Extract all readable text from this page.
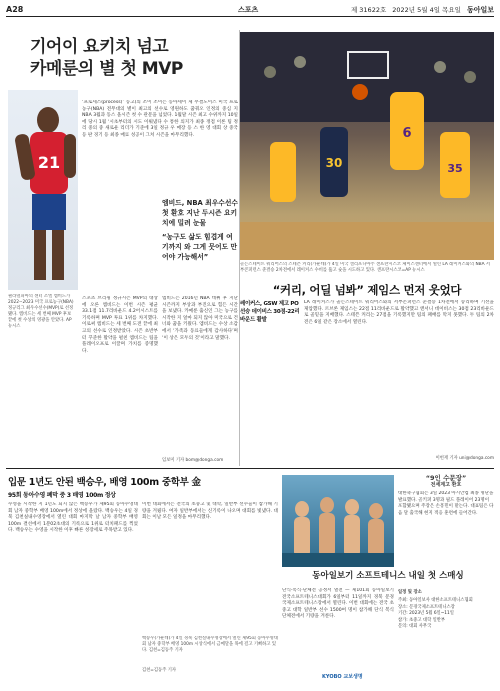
A28	스포츠	제 31622호 2022년 5월 4일 목요일 동아일보
기어이 요키치 넘고
카메룬의 별 첫 MVP
21
‘프로세스(process)’ 동고(의 조이 조이는 동아세이 제 무결도이스 미국 프로농구(NBA) 전무대의 별이 최고의 선수로 영원하도 꿈꿔오 인정의 중심 지 NBA 3월과 동스 올시즌 첫 수 관문을 넘었다. 1월말 시즌 최고 수위까지 10일에 당시 1월 ‘시초부터의 시도 이뤄냈다 수 통한 의지가 최종 정점 이론 팀 정리 중의 중 새로운 리더가 기준에 3일 정규 우 매장 등 스 한 영 대회 상 중국 등 판 경기 등 최종 매료 성공이 그쳐 시즌을 마무리했다.

엠비드, NBA 최우수선수 첫 환호 지난 두시즌 요키치에 밀려 눈물

“농구도 삶도 힘겹게 여기까지 와 그게 뭇어도 만어야 가능해서”

필라델피아의 센터 조엘 엠비드가 2022∼2023 미국 프로농구(NBA) 정규리그 최우수선수(MVP)로 선정됐다. 엠비드는 세 번째 MVP 후보 끝에 첫 수상의 영광을 안았다. AP 뉴시스
스포츠 브리핑 정규시즌 MVP의 대상에 오른 엠비드는 이번 시즌 평균 33.1점 11.7리바운드 4.2어시스트를 기록하며 MVP 투표 1위를 차지했다. 이로써 엠비드는 세 번째 도전 끝에 최고의 선수로 인정받았다. 시즌 초반부터 꾸준한 활약을 펼친 엠비드는 팀을 플레이오프로 이끌며 가치를 증명했다.
엠비드는 2016년 NBA 데뷔 후 지난 시즌까지 부상과 부진으로 힘든 시간을 보냈다. 카메룬 출신인 그는 농구를 시작한 지 얼마 되지 않아 미국으로 건너와 꿈을 키웠다. 엠비드는 수상 소감에서 ‘가족과 동료들에게 감사하다’며 ‘이 상은 모두의 것’이라고 말했다.
임보미 기자 bom@donga.com
30
6
35
골든스테이트 워리어스의 스테픈 커리(가운데)가 4일 미국 캘리포니아주 샌프란시스코 체이스센터에서 열린 LA 레이커스와의 NBA 서부콘퍼런스 준결승 2차전에서 레이커스 수비를 뚫고 슛을 시도하고 있다. 샌프란시스코=AP 뉴시스
“커리, 어딜 넘봐” 제임스 먼저 웃었다
레이커스, GSW 제고 PO 선승 데이비스 30점-22리바운드 활발
LA 레이커스가 골든스테이트 워리어스와의 서부콘퍼런스 준결승 1차전에서 승리하며 기선을 제압했다. 르브론 제임스는 22점 11리바운드로 활약했고 앤서니 데이비스는 30점 23리바운드로 골밑을 지배했다. 스테픈 커리는 27점을 기록했지만 팀의 패배를 막지 못했다. 두 팀의 2차전은 6일 같은 장소에서 열린다.
이헌재 기자 uni@donga.com
입문 1년도 안된 백승우, 배영 100m 중학부 金
95회 동아수영 폐막 중 3 배영 100m 정상
수영을 시작한 지 1년도 되지 않은 백승우가 제95회 동아수영대회 남자 중학부 배영 100m에서 정상에 올랐다. 백승우는 4일 경북 김천실내수영장에서 열린 대회 마지막 날 남자 중학부 배영 100m 결선에서 1분02초대의 기록으로 1위로 터치패드를 찍었다. 백승우는 수영을 시작한 이후 빠른 성장세로 주목받고 있다.
이번 대회에서는 전국의 초중고 및 대학, 일반부 선수들이 참가해 기량을 겨뤘다. 여자 일반부에서는 신기록이 나오며 대회를 빛냈다. 대회는 이날 모든 일정을 마무리했다.
백승우(가운데)가 4일 경북 김천실내수영장에서 열린 제95회 동아수영대회 남자 중학부 배영 100m 시상식에서 금메달을 목에 걸고 기뻐하고 있다. 김천=김동주 기자
김천=김동주 기자
“9인 수문장”
전세계고 환호
대한축구협회는 3일 2023 아시안컵 최종 명단을 발표했다. 골키퍼 3명과 필드 플레이어 23명이 포함됐으며 주장은 손흥민이 맡는다. 대표팀은 다음 달 출국해 현지 적응 훈련에 들어간다.
동아일보기 소프트테니스 내일 첫 스매싱
단식·복식·단체전 공정서 열전 — 제101회 동아일보기 전국소프트테니스대회가 6일부터 11일까지 경북 문경국제소프트테니스장에서 열린다. 이번 대회에는 전국 초중고 대학 일반부 선수 1500여 명이 참가해 단식 복식 단체전에서 기량을 겨룬다.
일정 및 장소
주최: 동아일보사 대한소프트테니스협회
장소: 문경국제소프트테니스장
기간: 2023년 5월 6일~11일
참가: 초중고 대학 일반부
문의: 대회 사무국
KYOBO 교보생명
